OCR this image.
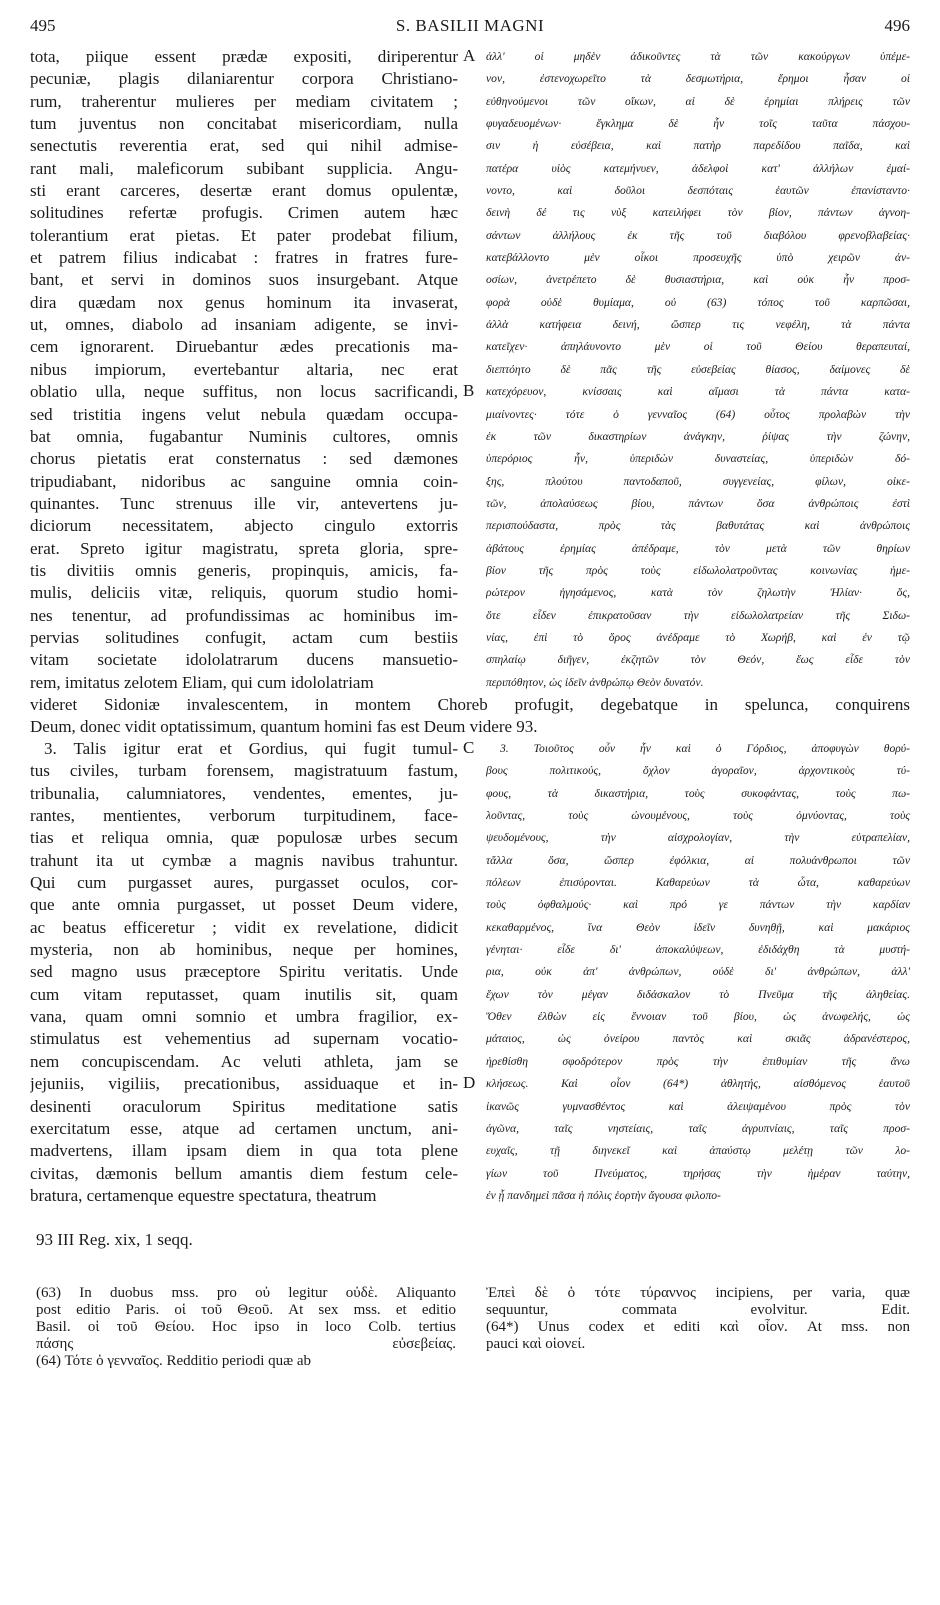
495	S. BASILII MAGNI	496
tota, piique essent prædæ expositi, diriperentur
pecuniæ, plagis dilaniarentur corpora Christiano-
rum, traherentur mulieres per mediam civitatem ;
tum juventus non concitabat misericordiam, nulla
senectutis reverentia erat, sed qui nihil admise-
rant mali, maleficorum subibant supplicia. Angu-
sti erant carceres, desertæ erant domus opulentæ,
solitudines refertæ profugis. Crimen autem hæc
tolerantium erat pietas. Et pater prodebat filium,
et patrem filius indicabat : fratres in fratres fure-
bant, et servi in dominos suos insurgebant. Atque
dira quædam nox genus hominum ita invaserat,
ut, omnes, diabolo ad insaniam adigente, se invi-
cem ignorarent. Diruebantur ædes precationis ma-
nibus impiorum, evertebantur altaria, nec erat
oblatio ulla, neque suffitus, non locus sacrificandi,
sed tristitia ingens velut nebula quædam occupa-
bat omnia, fugabantur Numinis cultores, omnis
chorus pietatis erat consternatus : sed dæmones
tripudiabant, nidoribus ac sanguine omnia coin-
quinantes. Tunc strenuus ille vir, antevertens ju-
diciorum necessitatem, abjecto cingulo extorris
erat. Spreto igitur magistratu, spreta gloria, spre-
tis divitiis omnis generis, propinquis, amicis, fa-
mulis, deliciis vitæ, reliquis, quorum studio homi-
nes tenentur, ad profundissimas ac hominibus im-
pervias solitudines confugit, actam cum bestiis
vitam societate idololatrarum ducens mansuetio-
rem, imitatus zelotem Eliam, qui cum idololatriam
ἀλλ' οἱ μηδὲν ἀδικοῦντες τὰ τῶν κακούργων ὑπέμε-
νον, ἐστενοχωρεῖτο τὰ δεσμωτήρια, ἔρημοι ἦσαν οἱ
εὐθηνούμενοι τῶν οἴκων, αἱ δὲ ἐρημίαι πλήρεις τῶν
φυγαδευομένων· ἔγκλημα δὲ ἦν τοῖς ταῦτα πάσχου-
σιν ἡ εὐσέβεια, καὶ πατὴρ παρεδίδου παῖδα, καὶ
πατέρα υἱὸς κατεμήνυεν, ἀδελφοὶ κατ' ἀλλήλων ἐμαί-
νοντο, καὶ δοῦλοι δεσπόταις ἑαυτῶν ἐπανίσταντο·
δεινὴ δέ τις νὺξ κατειλήφει τὸν βίον, πάντων ἀγνοη-
σάντων ἀλλήλους ἐκ τῆς τοῦ διαβόλου φρενοβλαβείας·
κατεβάλλοντο μὲν οἶκοι προσευχῆς ὑπὸ χειρῶν ἀν-
οσίων, ἀνετρέπετο δὲ θυσιαστήρια, καὶ οὐκ ἦν προσ-
φορὰ οὐδὲ θυμίαμα, οὐ (63) τόπος τοῦ καρπῶσαι,
ἀλλὰ κατήφεια δεινή, ὥσπερ τις νεφέλη, τὰ πάντα
κατεῖχεν· ἀπηλάυνοντο μὲν οἱ τοῦ Θείου θεραπευταί,
διεπτόητο δὲ πᾶς τῆς εὐσεβείας θίασος, δαίμονες δὲ
κατεχόρευον, κνίσσαις καὶ αἵμασι τὰ πάντα κατα-
μιαίνοντες· τότε ὁ γενναῖος (64) οὗτος προλαβὼν τὴν
ἐκ τῶν δικαστηρίων ἀνάγκην, ῥίψας τὴν ζώνην,
ὑπερόριος ἦν, ὑπεριδὼν δυναστείας, ὑπεριδὼν δό-
ξης, πλούτου παντοδαποῦ, συγγενείας, φίλων, οἰκε-
τῶν, ἀπολαύσεως βίου, πάντων ὅσα ἀνθρώποις ἐστὶ
περισπούδαστα, πρὸς τὰς βαθυτάτας καὶ ἀνθρώποις
ἀβάτους ἐρημίας ἀπέδραμε, τὸν μετὰ τῶν θηρίων
βίον τῆς πρὸς τοὺς εἰδωλολατροῦντας κοινωνίας ἡμε-
ρώτερον ἡγησάμενος, κατὰ τὸν ζηλωτὴν Ἠλίαν· ὅς,
ὅτε εἶδεν ἐπικρατοῦσαν τὴν εἰδωλολατρείαν τῆς Σιδω-
νίας, ἐπὶ τὸ ὄρος ἀνέδραμε τὸ Χωρήβ, καὶ ἐν τῷ
σπηλαίῳ διῆγεν, ἐκζητῶν τὸν Θεόν, ἕως εἶδε τὸν
περιπόθητον, ὡς ἰδεῖν ἀνθρώπῳ Θεὸν δυνατόν.
videret Sidoniæ invalescentem, in montem Choreb profugit, degebatque in spelunca, conquirens
Deum, donec vidit optatissimum, quantum homini fas est Deum videre 93.
3. Talis igitur erat et Gordius, qui fugit tumul-
tus civiles, turbam forensem, magistratuum fastum,
tribunalia, calumniatores, vendentes, ementes, ju-
rantes, mentientes, verborum turpitudinem, face-
tias et reliqua omnia, quæ populosæ urbes secum
trahunt ita ut cymbæ a magnis navibus trahuntur.
Qui cum purgasset aures, purgasset oculos, cor-
que ante omnia purgasset, ut posset Deum videre,
ac beatus efficeretur ; vidit ex revelatione, didicit
mysteria, non ab hominibus, neque per homines,
sed magno usus præceptore Spiritu veritatis. Unde
cum vitam reputasset, quam inutilis sit, quam
vana, quam omni somnio et umbra fragilior, ex-
stimulatus est vehementius ad supernam vocatio-
nem concupiscendam. Ac veluti athleta, jam se
jejuniis, vigiliis, precationibus, assiduaque et in-
desinenti oraculorum Spiritus meditatione satis
exercitatum esse, atque ad certamen unctum, ani-
madvertens, illam ipsam diem in qua tota plene
civitas, dæmonis bellum amantis diem festum cele-
bratura, certamenque equestre spectatura, theatrum
3. Τοιοῦτος οὖν ἦν καὶ ὁ Γόρδιος, ἀποφυγὼν θορύ-
βους πολιτικούς, ὄχλον ἀγοραῖον, ἀρχοντικοὺς τύ-
φους, τὰ δικαστήρια, τοὺς συκοφάντας, τοὺς πω-
λοῦντας, τοὺς ὠνουμένους, τοὺς ὀμνύοντας, τοὺς
ψευδομένους, τὴν αἰσχρολογίαν, τὴν εὐτραπελίαν,
τἄλλα ὅσα, ὥσπερ ἐφόλκια, αἱ πολυάνθρωποι τῶν
πόλεων ἐπισύρονται. Καθαρεύων τὰ ὦτα, καθαρεύων
τοὺς ὀφθαλμούς· καὶ πρό γε πάντων τὴν καρδίαν
κεκαθαρμένος, ἵνα Θεὸν ἰδεῖν δυνηθῇ, καὶ μακάριος
γένηται· εἶδε δι' ἀποκαλύψεων, ἐδιδάχθη τὰ μυστή-
ρια, οὐκ ἀπ' ἀνθρώπων, οὐδὲ δι' ἀνθρώπων, ἀλλ'
ἔχων τὸν μέγαν διδάσκαλον τὸ Πνεῦμα τῆς ἀληθείας.
Ὅθεν ἐλθὼν εἰς ἔννοιαν τοῦ βίου, ὡς ἀνωφελής, ὡς
μάταιος, ὡς ὀνείρου παντὸς καὶ σκιᾶς ἀδρανέστερος,
ἠρεθίσθη σφοδρότερον πρὸς τὴν ἐπιθυμίαν τῆς ἄνω
κλήσεως. Καὶ οἷον (64*) ἀθλητής, αἰσθόμενος ἑαυτοῦ
ἱκανῶς γυμνασθέντος καὶ ἀλειψαμένου πρὸς τὸν
ἀγῶνα, ταῖς νηστείαις, ταῖς ἀγρυπνίαις, ταῖς προσ-
ευχαῖς, τῇ διηνεκεῖ καὶ ἀπαύστῳ μελέτῃ τῶν λο-
γίων τοῦ Πνεύματος, τηρήσας τὴν ἡμέραν ταύτην,
ἐν ᾗ πανδημεὶ πᾶσα ἡ πόλις ἑορτὴν ἄγουσα φιλοπο-
A
B
C
D
93 III Reg. xix, 1 seqq.
(63) In duobus mss. pro οὐ legitur οὐδὲ. Aliquanto
post editio Paris. οἱ τοῦ Θεοῦ. At sex mss. et editio
Basil. οἱ τοῦ Θείου. Hoc ipso in loco Colb. tertius
πάσης εὐσεβείας.
(64) Τότε ὁ γενναῖος. Redditio periodi quæ ab
Ἐπεὶ δὲ ὁ τότε τύραννος incipiens, per varia, quæ
sequuntur, commata evolvitur. Edit.
(64*) Unus codex et editi καὶ οἷον. At mss. non
pauci καὶ οἱονεί.
